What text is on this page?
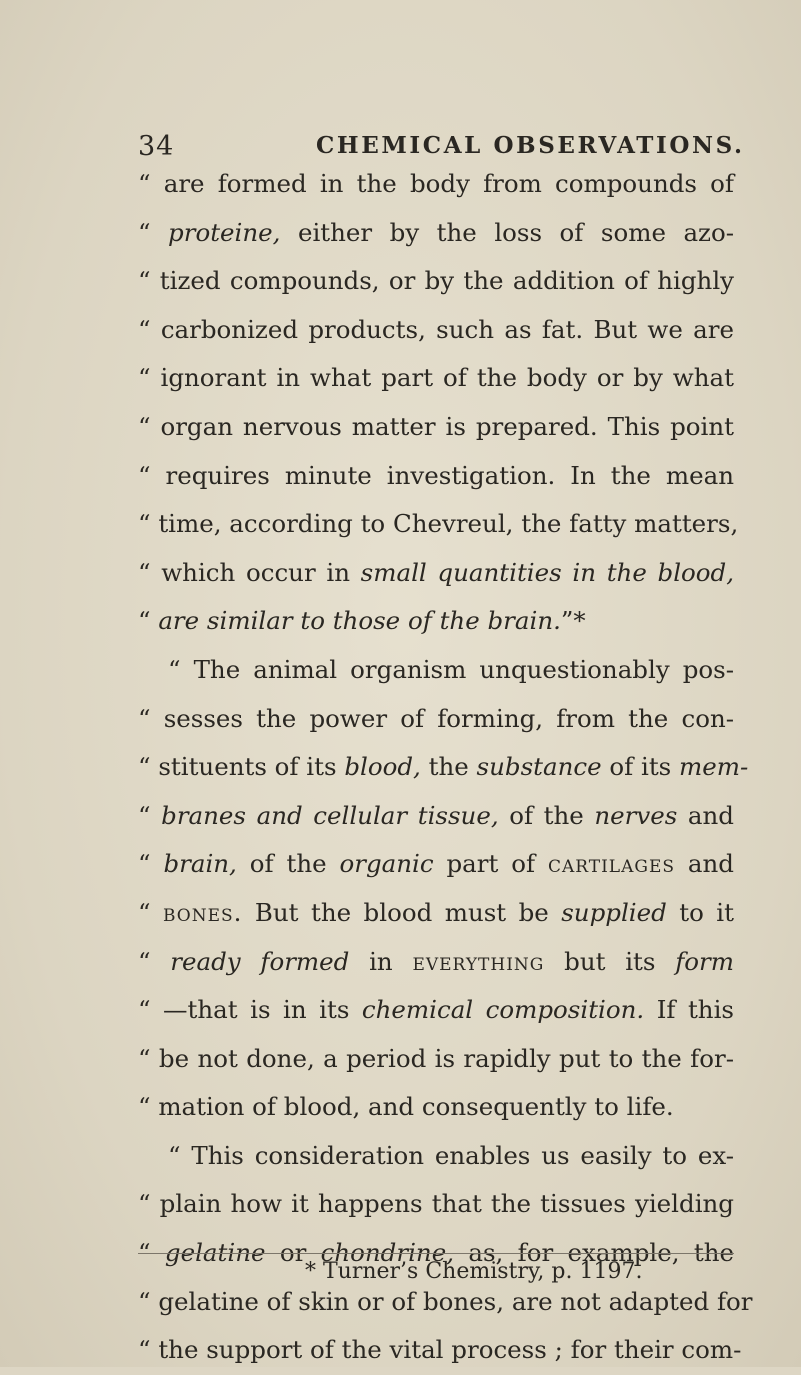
34	CHEMICAL OBSERVATIONS.
“ are formed in the body from compounds of
“ proteine, either by the loss of some azo-
“ tized compounds, or by the addition of highly
“ carbonized products, such as fat. But we are
“ ignorant in what part of the body or by what
“ organ nervous matter is prepared. This point
“ requires minute investigation. In the mean
“ time, according to Chevreul, the fatty matters,
“ which occur in small quantities in the blood,
“ are similar to those of the brain.”*
“ The animal organism unquestionably pos-
“ sesses the power of forming, from the con-
“ stituents of its blood, the substance of its mem-
“ branes and cellular tissue, of the nerves and
“ brain, of the organic part of cartilages and
“ bones. But the blood must be supplied to it
“ ready formed in everything but its form
“ —that is in its chemical composition. If this
“ be not done, a period is rapidly put to the for-
“ mation of blood, and consequently to life.
“ This consideration enables us easily to ex-
“ plain how it happens that the tissues yielding
“ gelatine or chondrine, as, for example, the
“ gelatine of skin or of bones, are not adapted for
“ the support of the vital process ; for their com-
* Turner’s Chemistry, p. 1197.
